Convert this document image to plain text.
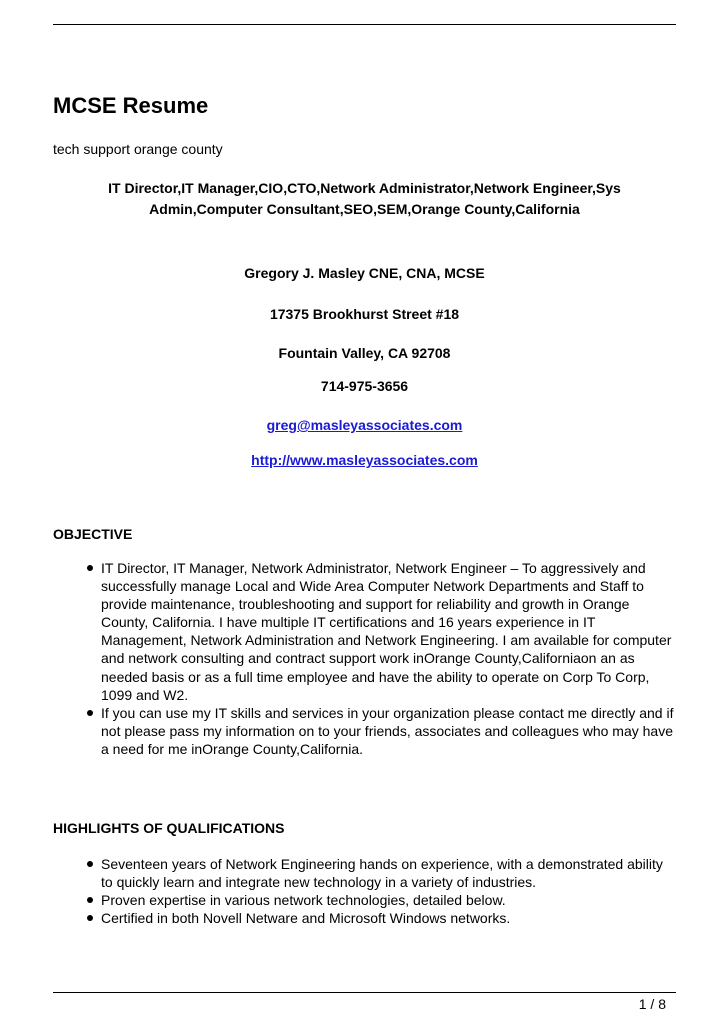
MCSE Resume

tech support orange county

IT Director,IT Manager,CIO,CTO,Network Administrator,Network Engineer,Sys
Admin,Computer Consultant,SEO,SEM,Orange County,California
Gregory J. Masley CNE, CNA, MCSE
17375 Brookhurst Street #18
Fountain Valley, CA 92708
714-975-3656
greg@masleyassociates.com
http://www.masleyassociates.com
OBJECTIVE
IT Director, IT Manager, Network Administrator, Network Engineer – To aggressively and successfully manage Local and Wide Area Computer Network Departments and Staff to provide maintenance, troubleshooting and support for reliability and growth in Orange County, California. I have multiple IT certifications and 16 years experience in IT Management, Network Administration and Network Engineering. I am available for computer and network consulting and contract support work inOrange County,Californiaon an as needed basis or as a full time employee and have the ability to operate on Corp To Corp, 1099 and W2.
If you can use my IT skills and services in your organization please contact me directly and if not please pass my information on to your friends, associates and colleagues who may have a need for me inOrange County,California.
HIGHLIGHTS OF QUALIFICATIONS
Seventeen years of Network Engineering hands on experience, with a demonstrated ability to quickly learn and integrate new technology in a variety of industries.
Proven expertise in various network technologies, detailed below.
Certified in both Novell Netware and Microsoft Windows networks.
1 / 8
